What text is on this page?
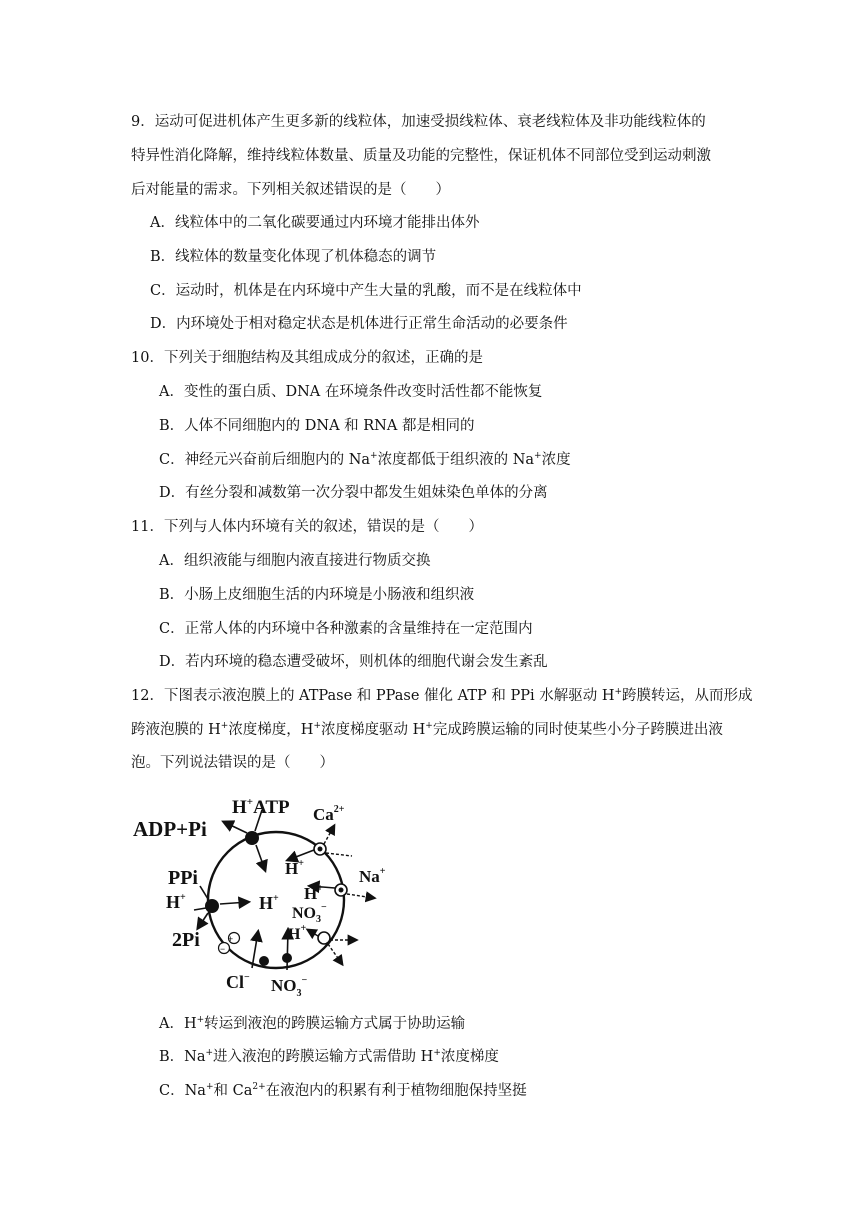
9．运动可促进机体产生更多新的线粒体，加速受损线粒体、衰老线粒体及非功能线粒体的
特异性消化降解，维持线粒体数量、质量及功能的完整性，保证机体不同部位受到运动刺激
后对能量的需求。下列相关叙述错误的是（　　）
A．线粒体中的二氧化碳要通过内环境才能排出体外
B．线粒体的数量变化体现了机体稳态的调节
C．运动时，机体是在内环境中产生大量的乳酸，而不是在线粒体中
D．内环境处于相对稳定状态是机体进行正常生命活动的必要条件
10．下列关于细胞结构及其组成成分的叙述，正确的是
A．变性的蛋白质、DNA 在环境条件改变时活性都不能恢复
B．人体不同细胞内的 DNA 和 RNA 都是相同的
C．神经元兴奋前后细胞内的 Na+浓度都低于组织液的 Na+浓度
D．有丝分裂和减数第一次分裂中都发生姐妹染色单体的分离
11．下列与人体内环境有关的叙述，错误的是（　　）
A．组织液能与细胞内液直接进行物质交换
B．小肠上皮细胞生活的内环境是小肠液和组织液
C．正常人体的内环境中各种激素的含量维持在一定范围内
D．若内环境的稳态遭受破坏，则机体的细胞代谢会发生紊乱
12．下图表示液泡膜上的 ATPase 和 PPase 催化 ATP 和 PPi 水解驱动 H+跨膜转运，从而形成
跨液泡膜的 H+浓度梯度，H+浓度梯度驱动 H+完成跨膜运输的同时使某些小分子跨膜进出液
泡。下列说法错误的是（　　）
ADP+Pi
H+ATP $Ca^{2+}$
Na+
PPi
H+	H+
H+
H+
$NO_3^-$
H+
2Pi	+
−
Cl− $NO_3^-$
A．H+转运到液泡的跨膜运输方式属于协助运输
B．Na+进入液泡的跨膜运输方式需借助 H+浓度梯度
C．Na+和 $Ca^{2+}$在液泡内的积累有利于植物细胞保持坚挺
